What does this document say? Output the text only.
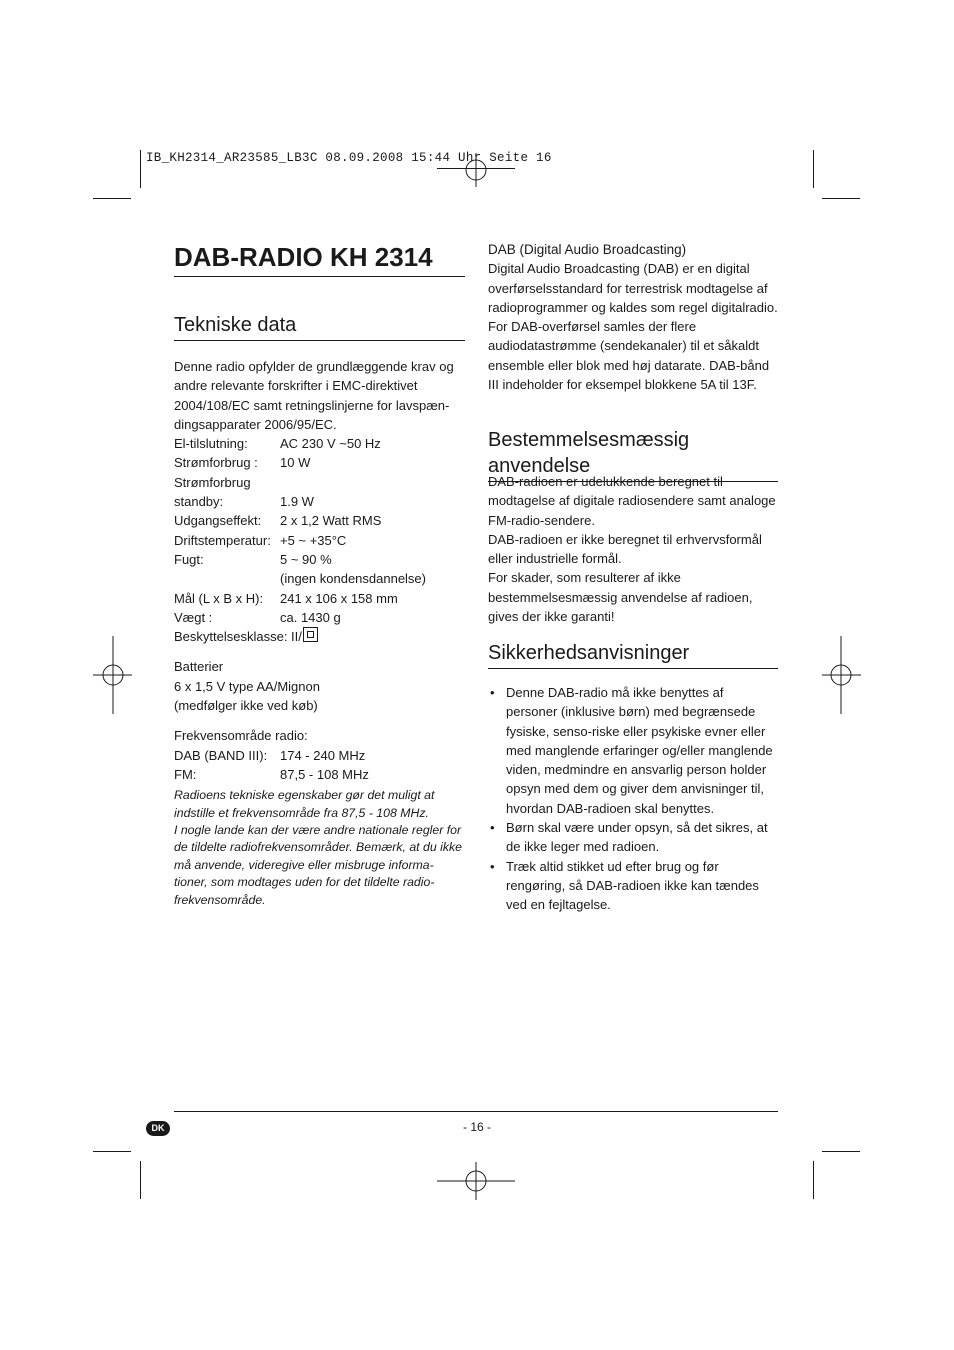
IB_KH2314_AR23585_LB3C 08.09.2008 15:44 Uhr Seite 16
DAB-RADIO KH 2314
Tekniske data

Denne radio opfylder de grundlæggende krav og andre relevante forskrifter i EMC-direktivet 2004/108/EC samt retningslinjerne for lavspæn-dingsapparater 2006/95/EC.

El-tilslutning:	AC 230 V ~50 Hz
Strømforbrug :	10 W
Strømforbrug
standby:	1.9 W
Udgangseffekt:	2 x 1,2 Watt RMS
Driftstemperatur: +5 ~ +35°C
Fugt:	5 ~ 90 %
(ingen kondensdannelse)
Mål (L x B x H):	241 x 106 x 158 mm
Vægt :	ca. 1430 g
Beskyttelsesklasse: II/

Batterier

6 x 1,5 V type AA/Mignon

(medfølger ikke ved køb)

Frekvensområde radio:

DAB (BAND III): 174 - 240 MHz
FM:	87,5 - 108 MHz

Radioens tekniske egenskaber gør det muligt at indstille et frekvensområde fra 87,5 - 108 MHz.

I nogle lande kan der være andre nationale regler for de tildelte radiofrekvensområder. Bemærk, at du ikke må anvende, videregive eller misbruge informa-tioner, som modtages uden for det tildelte radio-frekvensområde.

DAB (Digital Audio Broadcasting)

Digital Audio Broadcasting (DAB) er en digital overførselsstandard for terrestrisk modtagelse af radioprogrammer og kaldes som regel digitalradio. For DAB-overførsel samles der flere audiodatastrømme (sendekanaler) til et såkaldt ensemble eller blok med høj datarate. DAB-bånd III indeholder for eksempel blokkene 5A til 13F.

Bestemmelsesmæssig anvendelse

DAB-radioen er udelukkende beregnet til modtagelse af digitale radiosendere samt analoge FM-radio-sendere.

DAB-radioen er ikke beregnet til erhvervsformål eller industrielle formål.

For skader, som resulterer af ikke bestemmelsesmæssig anvendelse af radioen, gives der ikke garanti!

Sikkerhedsanvisninger
• Denne DAB-radio må ikke benyttes af personer (inklusive børn) med begrænsede fysiske, senso-riske eller psykiske evner eller med manglende erfaringer og/eller manglende viden, medmindre en ansvarlig person holder opsyn med dem og giver dem anvisninger til, hvordan DAB-radioen skal benyttes.
• Børn skal være under opsyn, så det sikres, at de ikke leger med radioen.
• Træk altid stikket ud efter brug og før rengøring, så DAB-radioen ikke kan tændes ved en fejltagelse.
DK	- 16 -
